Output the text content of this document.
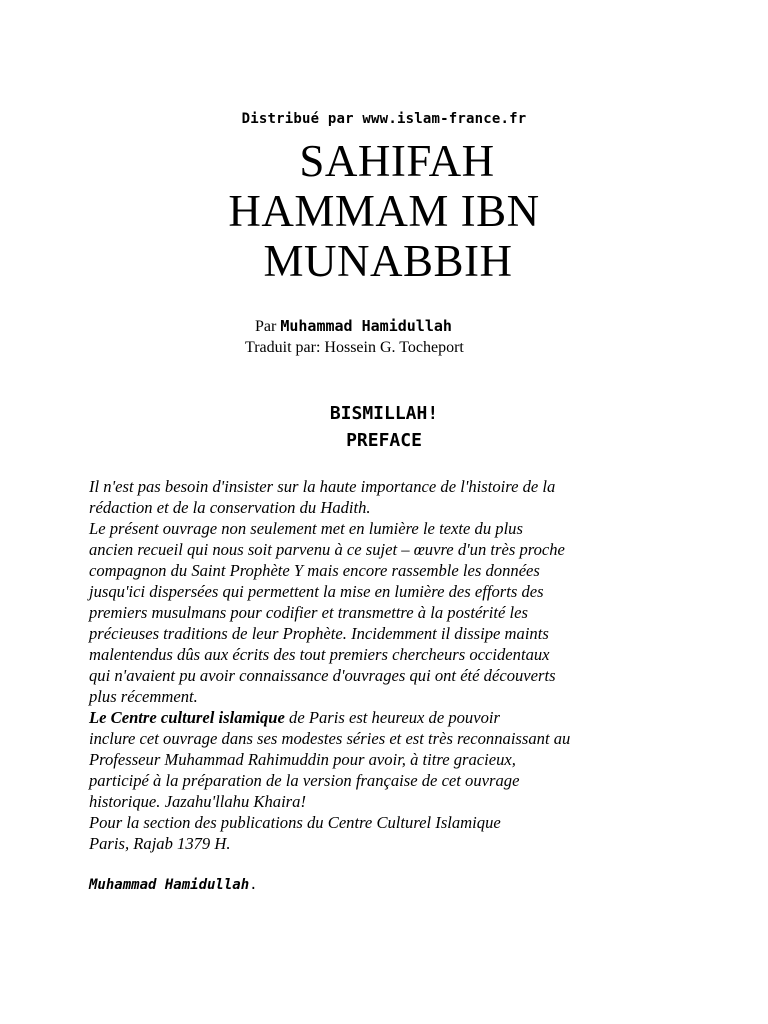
Distribué par www.islam-france.fr
SAHIFAH
HAMMAM IBN
MUNABBIH
Par Muhammad Hamidullah
Traduit par: Hossein G. Tocheport
BISMILLAH!
PREFACE
Il n'est pas besoin d'insister sur la haute importance de l'histoire de la
rédaction et de la conservation du Hadith.
Le présent ouvrage non seulement met en lumière le texte du plus
ancien recueil qui nous soit parvenu à ce sujet – œuvre d'un très proche
compagnon du Saint Prophète Y mais encore rassemble les données
jusqu'ici dispersées qui permettent la mise en lumière des efforts des
premiers musulmans pour codifier et transmettre à la postérité les
précieuses traditions de leur Prophète. Incidemment il dissipe maints
malentendus dûs aux écrits des tout premiers chercheurs occidentaux
qui n'avaient pu avoir connaissance d'ouvrages qui ont été découverts
plus récemment.
Le Centre culturel islamique de Paris est heureux de pouvoir
inclure cet ouvrage dans ses modestes séries et est très reconnaissant au
Professeur Muhammad Rahimuddin pour avoir, à titre gracieux,
participé à la préparation de la version française de cet ouvrage
historique. Jazahu'llahu Khaira!
Pour la section des publications du Centre Culturel Islamique
Paris, Rajab 1379 H.
Muhammad Hamidullah.
